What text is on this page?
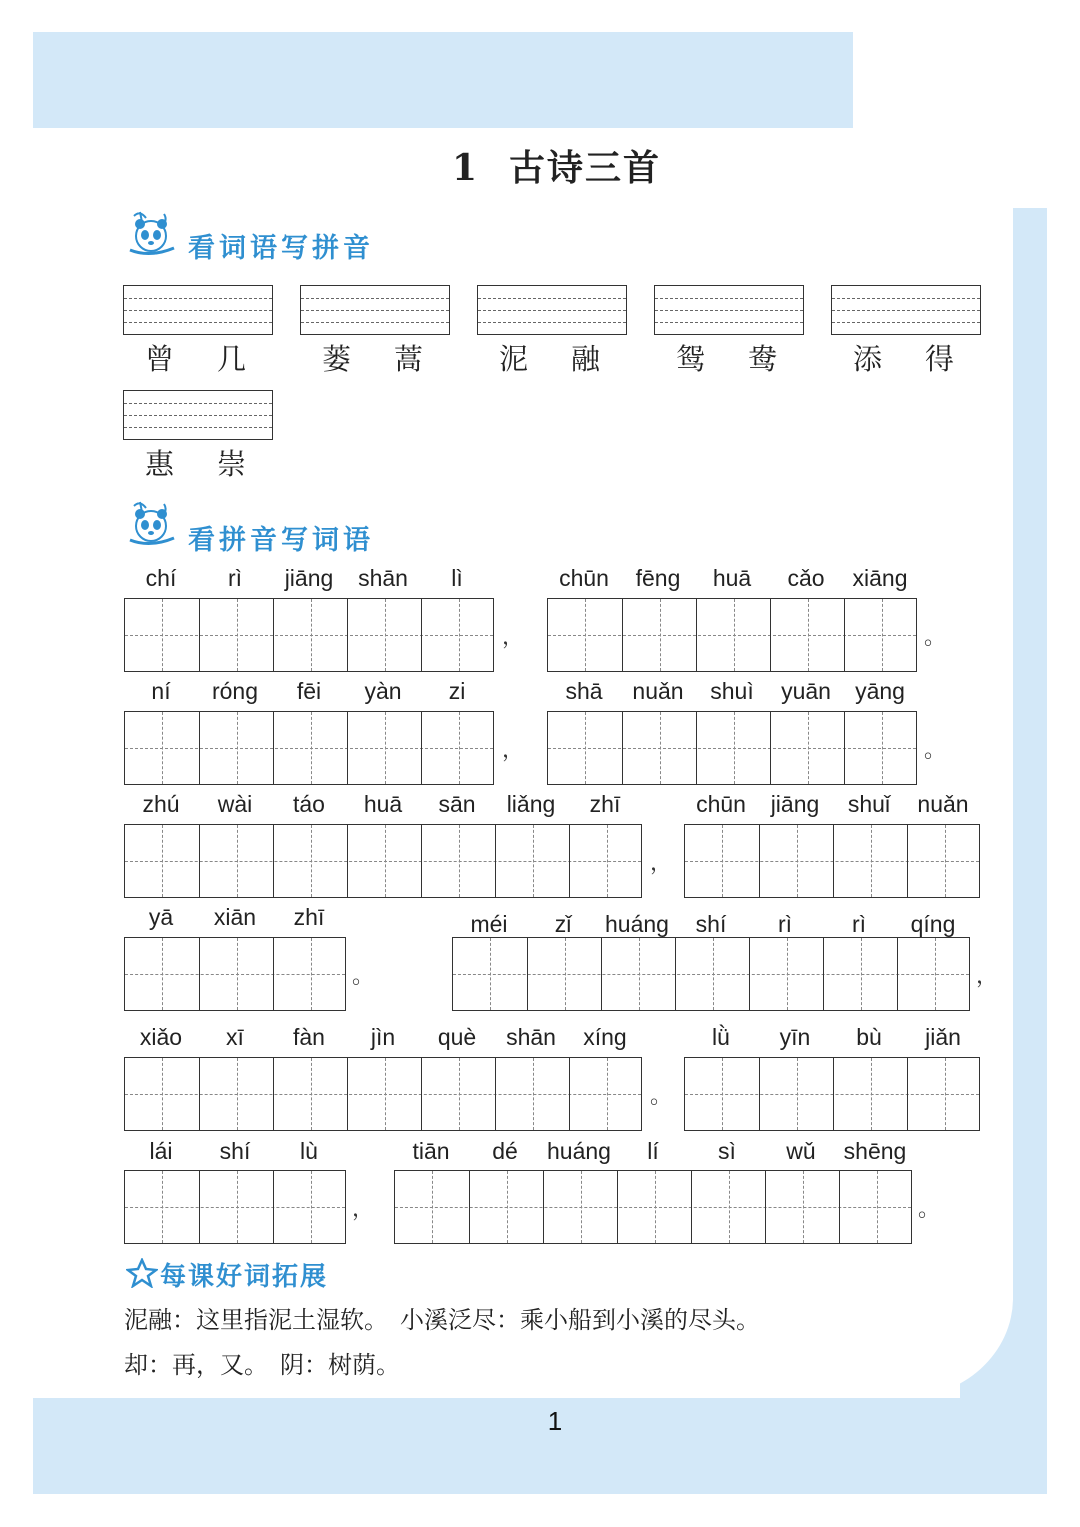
1
1 古诗三首
看词语写拼音
曾 几	蒌 蒿	泥 融	鸳 鸯	添 得
惠 崇
看拼音写词语
chí	rì	jiāng	shān	lì	chūn	fēng	huā	cǎo	xiāng
，	。
ní	róng	fēi	yàn	zi	shā	nuǎn	shuì	yuān	yāng
，	。
zhú	wài	táo	huā	sān	liǎng	zhī	chūn	jiāng	shuǐ	nuǎn
，
yā	xiān	zhī	méi	zǐ	huáng	shí	rì	rì	qíng
。	，
xiǎo	xī	fàn	jìn	què	shān	xíng	lǜ	yīn	bù	jiǎn
。
lái	shí	lù	tiān	dé	huáng	lí	sì	wǔ	shēng
，	。
每课好词拓展
泥融：这里指泥土湿软。　小溪泛尽：乘小船到小溪的尽头。
却：再，又。　阴：树荫。
